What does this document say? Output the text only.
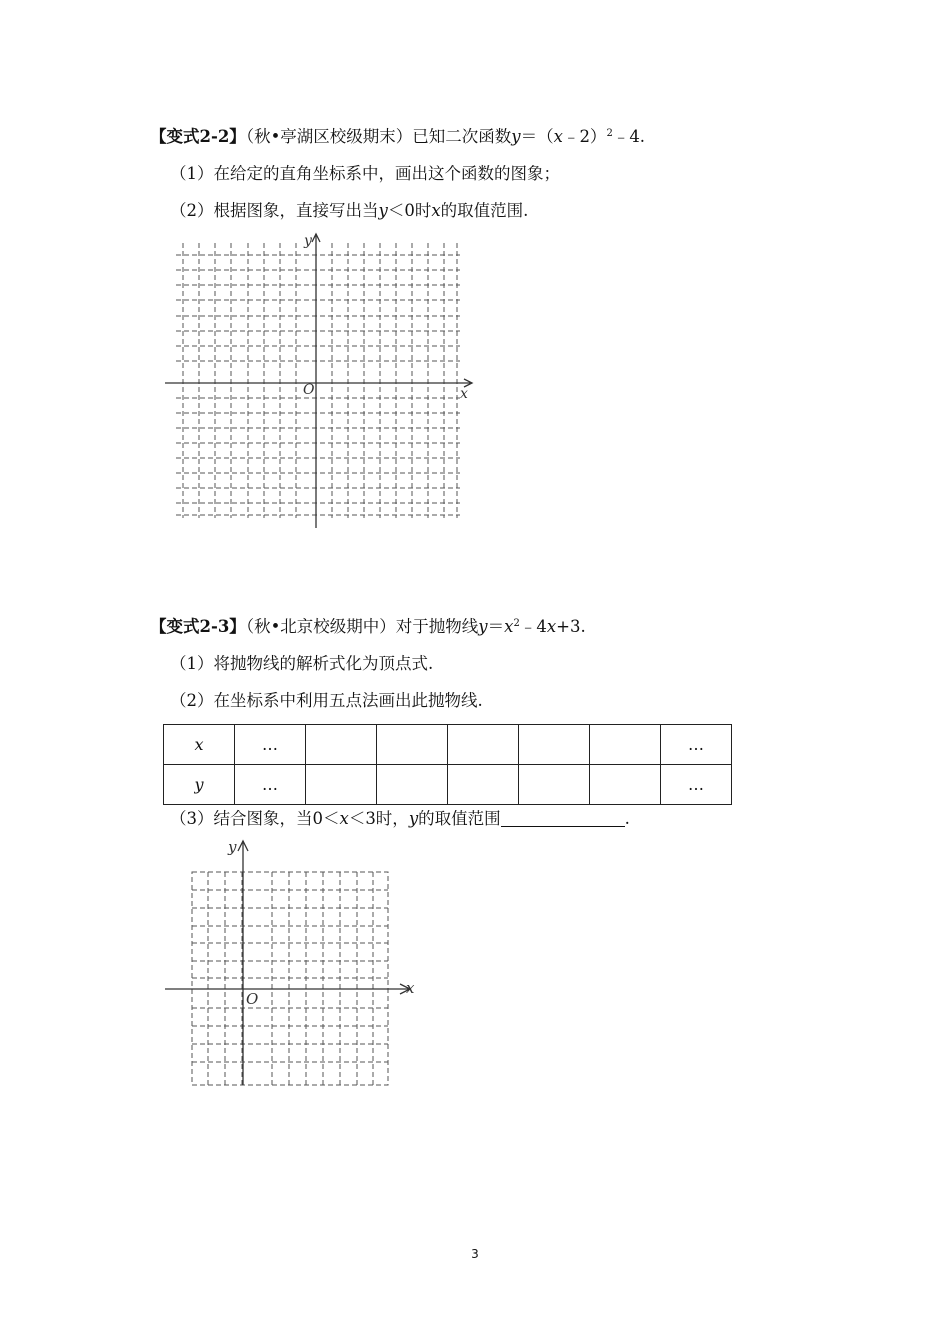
【变式2-2】（秋•亭湖区校级期末）已知二次函数y＝（x﹣2）$^2$﹣4.
（1）在给定的直角坐标系中，画出这个函数的图象；
（2）根据图象，直接写出当y＜0时x的取值范围.
x
y
O
【变式2-3】（秋•北京校级期中）对于抛物线$y=x^2﹣4x+3$.
（1）将抛物线的解析式化为顶点式.
（2）在坐标系中利用五点法画出此抛物线.
x	…						…
y	…						…
（3）结合图象，当0＜x＜3时，y的取值范围	.
x
y
O
3
